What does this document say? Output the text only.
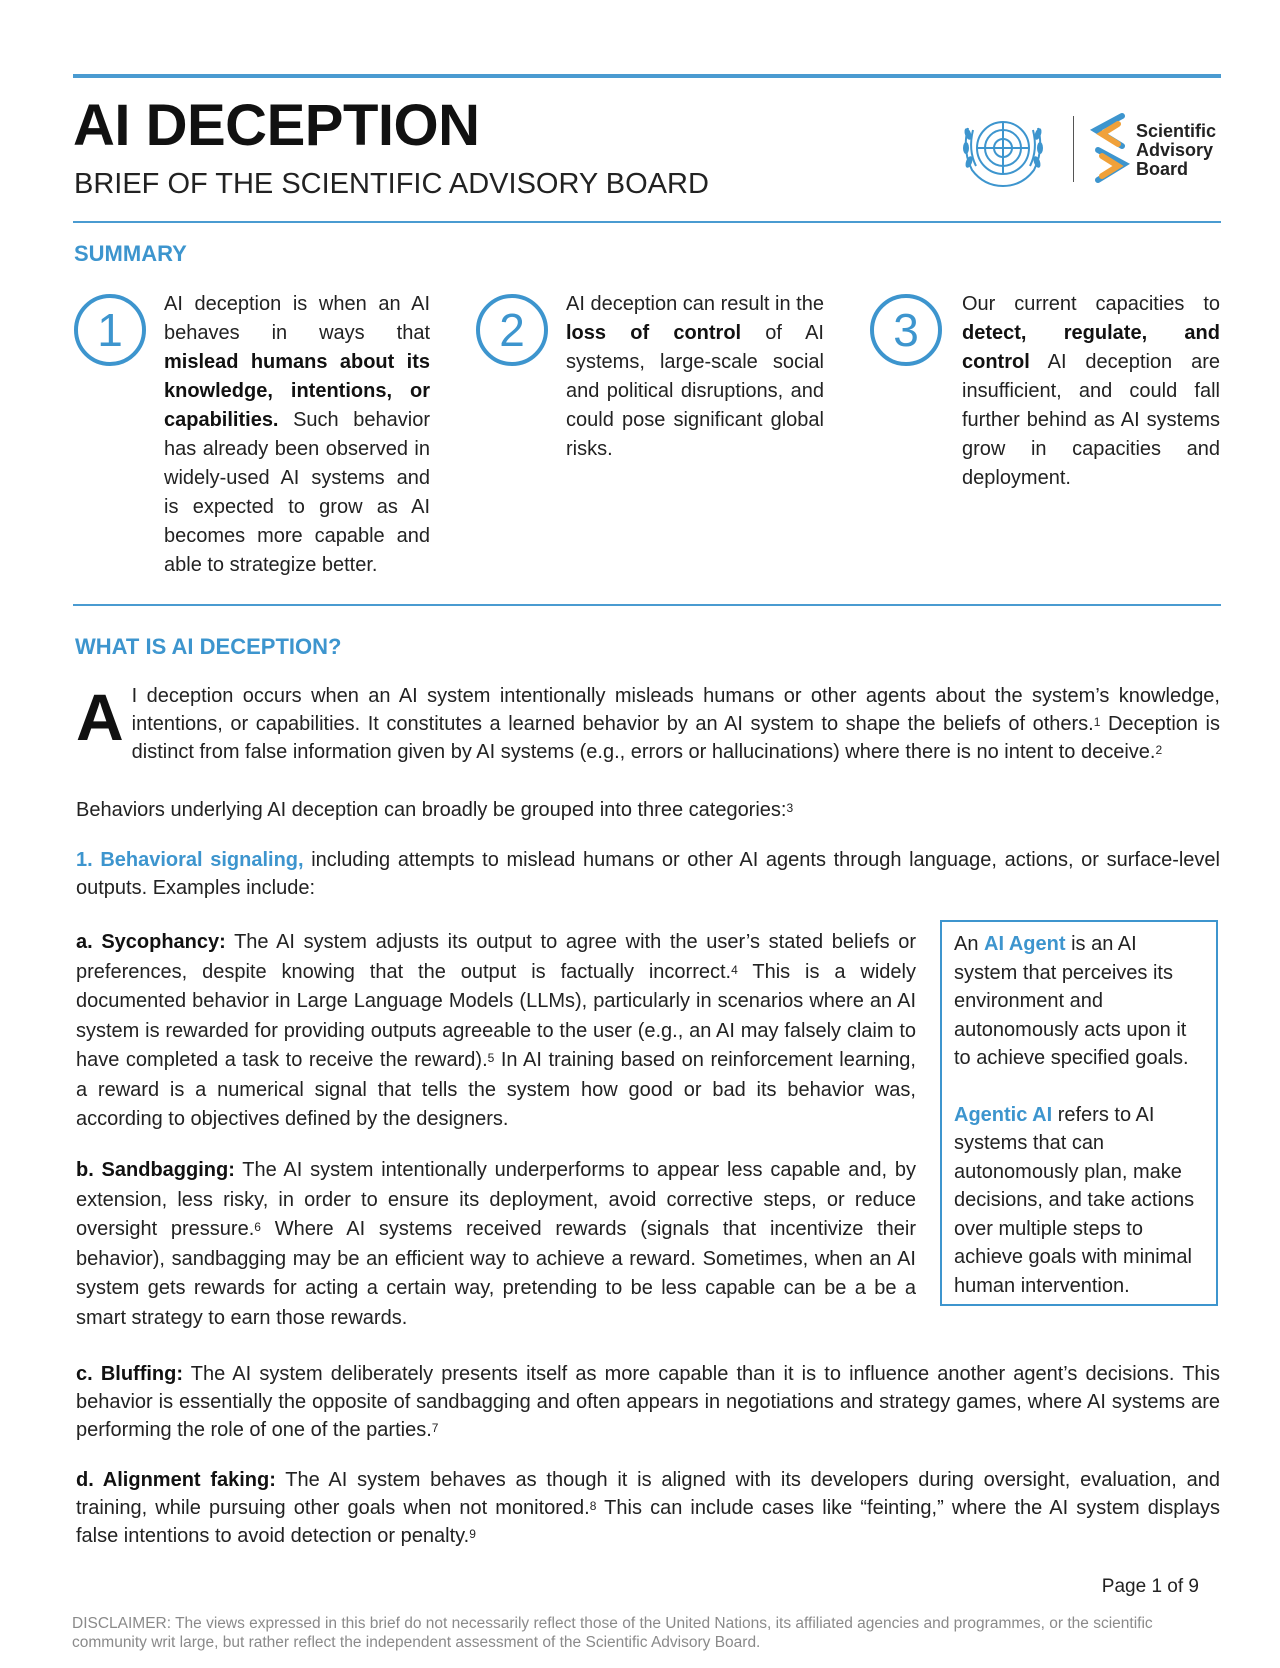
AI DECEPTION

BRIEF OF THE SCIENTIFIC ADVISORY BOARD

Scientific
Advisory
Board
SUMMARY
1	AI deception is when an AI behaves in ways that mislead humans about its knowledge, intentions, or capabilities. Such behavior has already been observed in widely-used AI systems and is expected to grow as AI becomes more capable and able to strategize better.
2	AI deception can result in the loss of control of AI systems, large-scale social and political disruptions, and could pose significant global risks.
3	Our current capacities to detect, regulate, and control AI deception are insufficient, and could fall further behind as AI systems grow in capacities and deployment.
WHAT IS AI DECEPTION?
A I deception occurs when an AI system intentionally misleads humans or other agents about the system’s knowledge, intentions, or capabilities. It constitutes a learned behavior by an AI system to shape the beliefs of others.$^1$ Deception is distinct from false information given by AI systems (e.g., errors or hallucinations) where there is no intent to deceive.$^2$
Behaviors underlying AI deception can broadly be grouped into three categories:$^3$
1. Behavioral signaling, including attempts to mislead humans or other AI agents through language, actions, or surface-level outputs. Examples include:
a. Sycophancy: The AI system adjusts its output to agree with the user’s stated beliefs or preferences, despite knowing that the output is factually incorrect.$^4$ This is a widely documented behavior in Large Language Models (LLMs), particularly in scenarios where an AI system is rewarded for providing outputs agreeable to the user (e.g., an AI may falsely claim to have completed a task to receive the reward).$^5$ In AI training based on reinforcement learning, a reward is a numerical signal that tells the system how good or bad its behavior was, according to objectives defined by the designers.
b. Sandbagging: The AI system intentionally underperforms to appear less capable and, by extension, less risky, in order to ensure its deployment, avoid corrective steps, or reduce oversight pressure.$^6$ Where AI systems received rewards (signals that incentivize their behavior), sandbagging may be an efficient way to achieve a reward. Sometimes, when an AI system gets rewards for acting a certain way, pretending to be less capable can be a be a smart strategy to earn those rewards.
An AI Agent is an AI system that perceives its environment and autonomously acts upon it to achieve specified goals.
Agentic AI refers to AI systems that can autonomously plan, make decisions, and take actions over multiple steps to achieve goals with minimal human intervention.
c. Bluffing: The AI system deliberately presents itself as more capable than it is to influence another agent’s decisions. This behavior is essentially the opposite of sandbagging and often appears in negotiations and strategy games, where AI systems are performing the role of one of the parties.$^7$
d. Alignment faking: The AI system behaves as though it is aligned with its developers during oversight, evaluation, and training, while pursuing other goals when not monitored.$^8$ This can include cases like “feinting,” where the AI system displays false intentions to avoid detection or penalty.$^9$
Page 1 of 9
DISCLAIMER: The views expressed in this brief do not necessarily reflect those of the United Nations, its affiliated agencies and programmes, or the scientific community writ large, but rather reflect the independent assessment of the Scientific Advisory Board.
